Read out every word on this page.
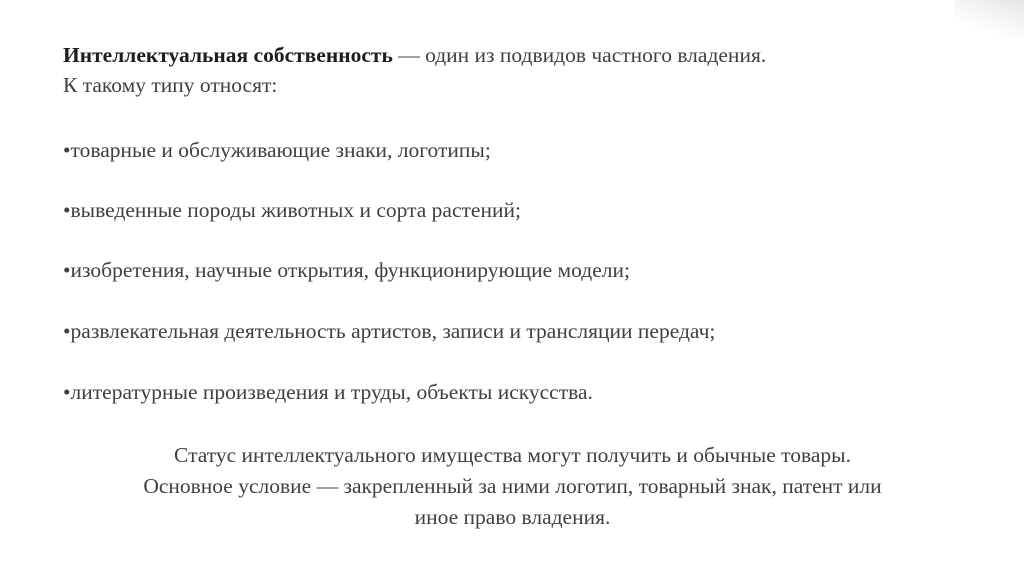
Интеллектуальная собственность — один из подвидов частного владения.
К такому типу относят:
•товарные и обслуживающие знаки, логотипы;
•выведенные породы животных и сорта растений;
•изобретения, научные открытия, функционирующие модели;
•развлекательная деятельность артистов, записи и трансляции передач;
•литературные произведения и труды, объекты искусства.
Статус интеллектуального имущества могут получить и обычные товары.
Основное условие — закрепленный за ними логотип, товарный знак, патент или
иное право владения.
